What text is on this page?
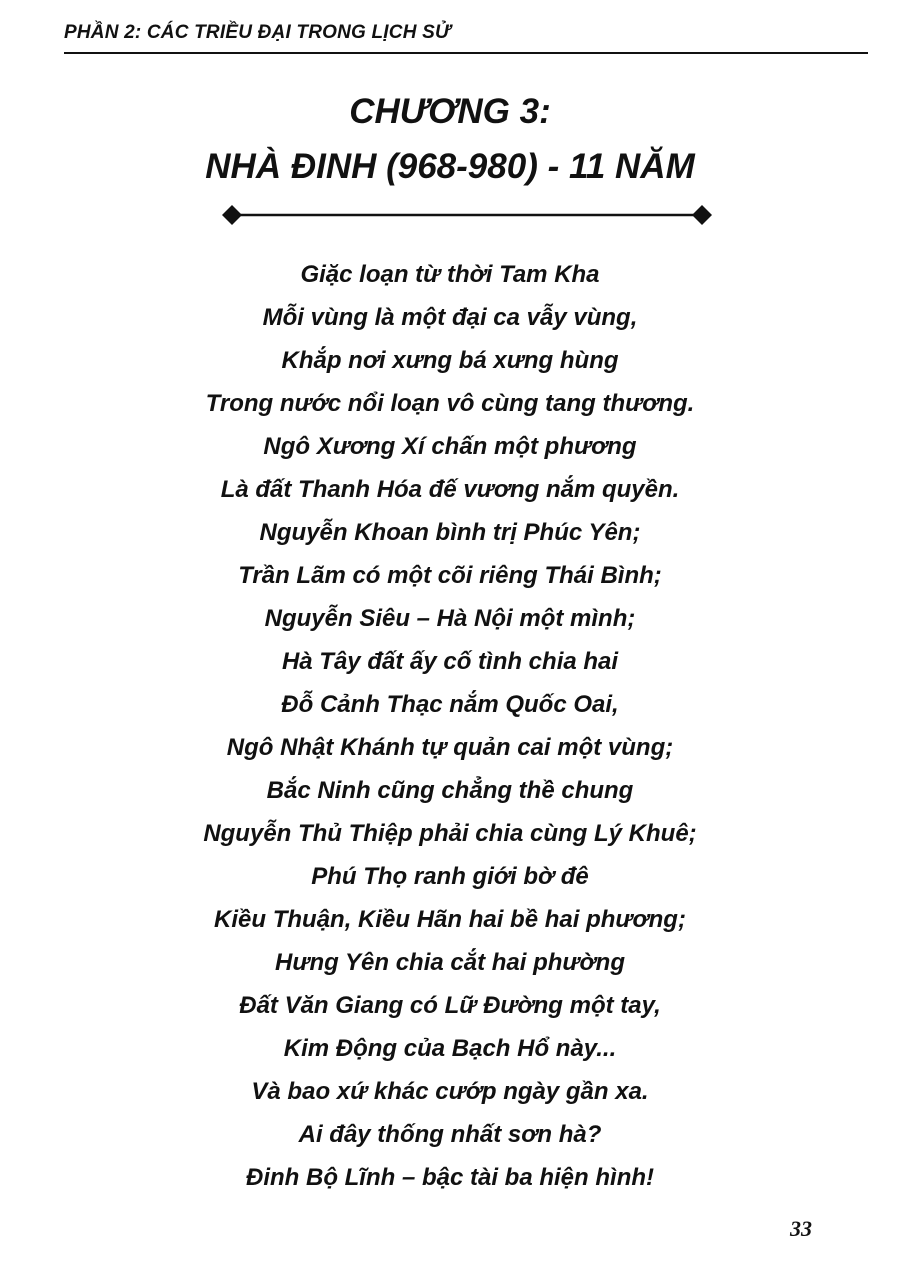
PHẦN 2: CÁC TRIỀU ĐẠI TRONG LỊCH SỬ
CHƯƠNG 3:
NHÀ ĐINH (968-980) - 11 NĂM
Giặc loạn từ thời Tam Kha
Mỗi vùng là một đại ca vẫy vùng,
Khắp nơi xưng bá xưng hùng
Trong nước nổi loạn vô cùng tang thương.
Ngô Xương Xí chấn một phương
Là đất Thanh Hóa đế vương nắm quyền.
Nguyễn Khoan bình trị Phúc Yên;
Trần Lãm có một cõi riêng Thái Bình;
Nguyễn Siêu – Hà Nội một mình;
Hà Tây đất ấy cố tình chia hai
Đỗ Cảnh Thạc nắm Quốc Oai,
Ngô Nhật Khánh tự quản cai một vùng;
Bắc Ninh cũng chẳng thề chung
Nguyễn Thủ Thiệp phải chia cùng Lý Khuê;
Phú Thọ ranh giới bờ đê
Kiều Thuận, Kiều Hãn hai bề hai phương;
Hưng Yên chia cắt hai phường
Đất Văn Giang có Lữ Đường một tay,
Kim Động của Bạch Hổ này...
Và bao xứ khác cướp ngày gần xa.
Ai đây thống nhất sơn hà?
Đinh Bộ Lĩnh – bậc tài ba hiện hình!
33
